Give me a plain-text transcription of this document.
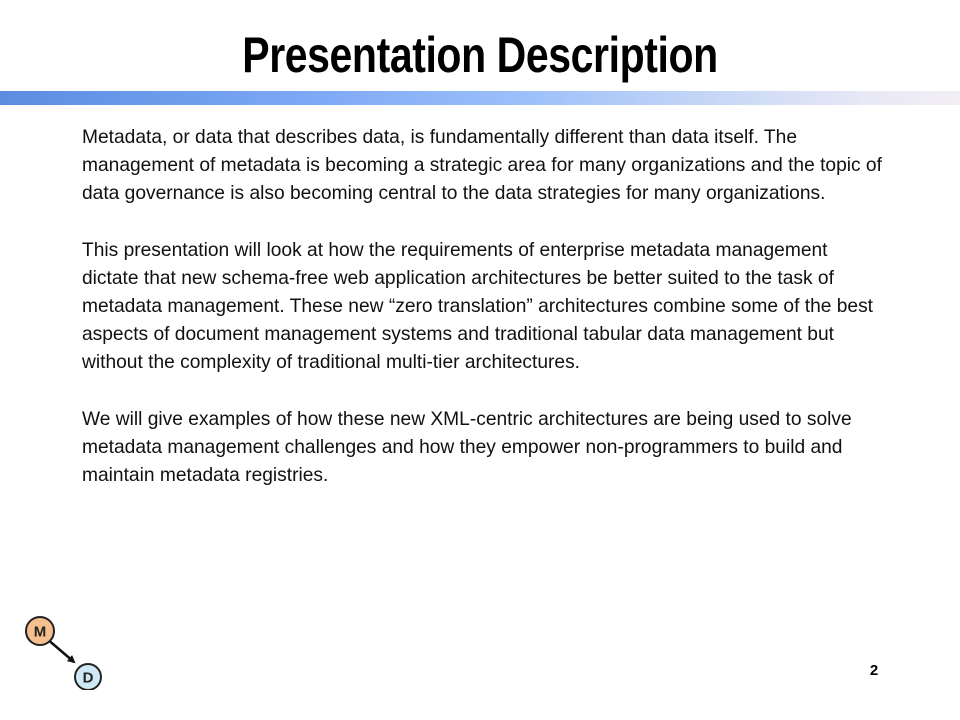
Presentation Description

Metadata, or data that describes data, is fundamentally different than data itself. The management of metadata is becoming a strategic area for many organizations and the topic of data governance is also becoming central to the data strategies for many organizations.

This presentation will look at how the requirements of enterprise metadata management dictate that new schema-free web application architectures be better suited to the task of metadata management. These new “zero translation” architectures combine some of the best aspects of document management systems and traditional tabular data management but without the complexity of traditional multi-tier architectures.

We will give examples of how these new XML-centric architectures are being used to solve metadata management challenges and how they empower non-programmers to build and maintain metadata registries.

M
D	2
